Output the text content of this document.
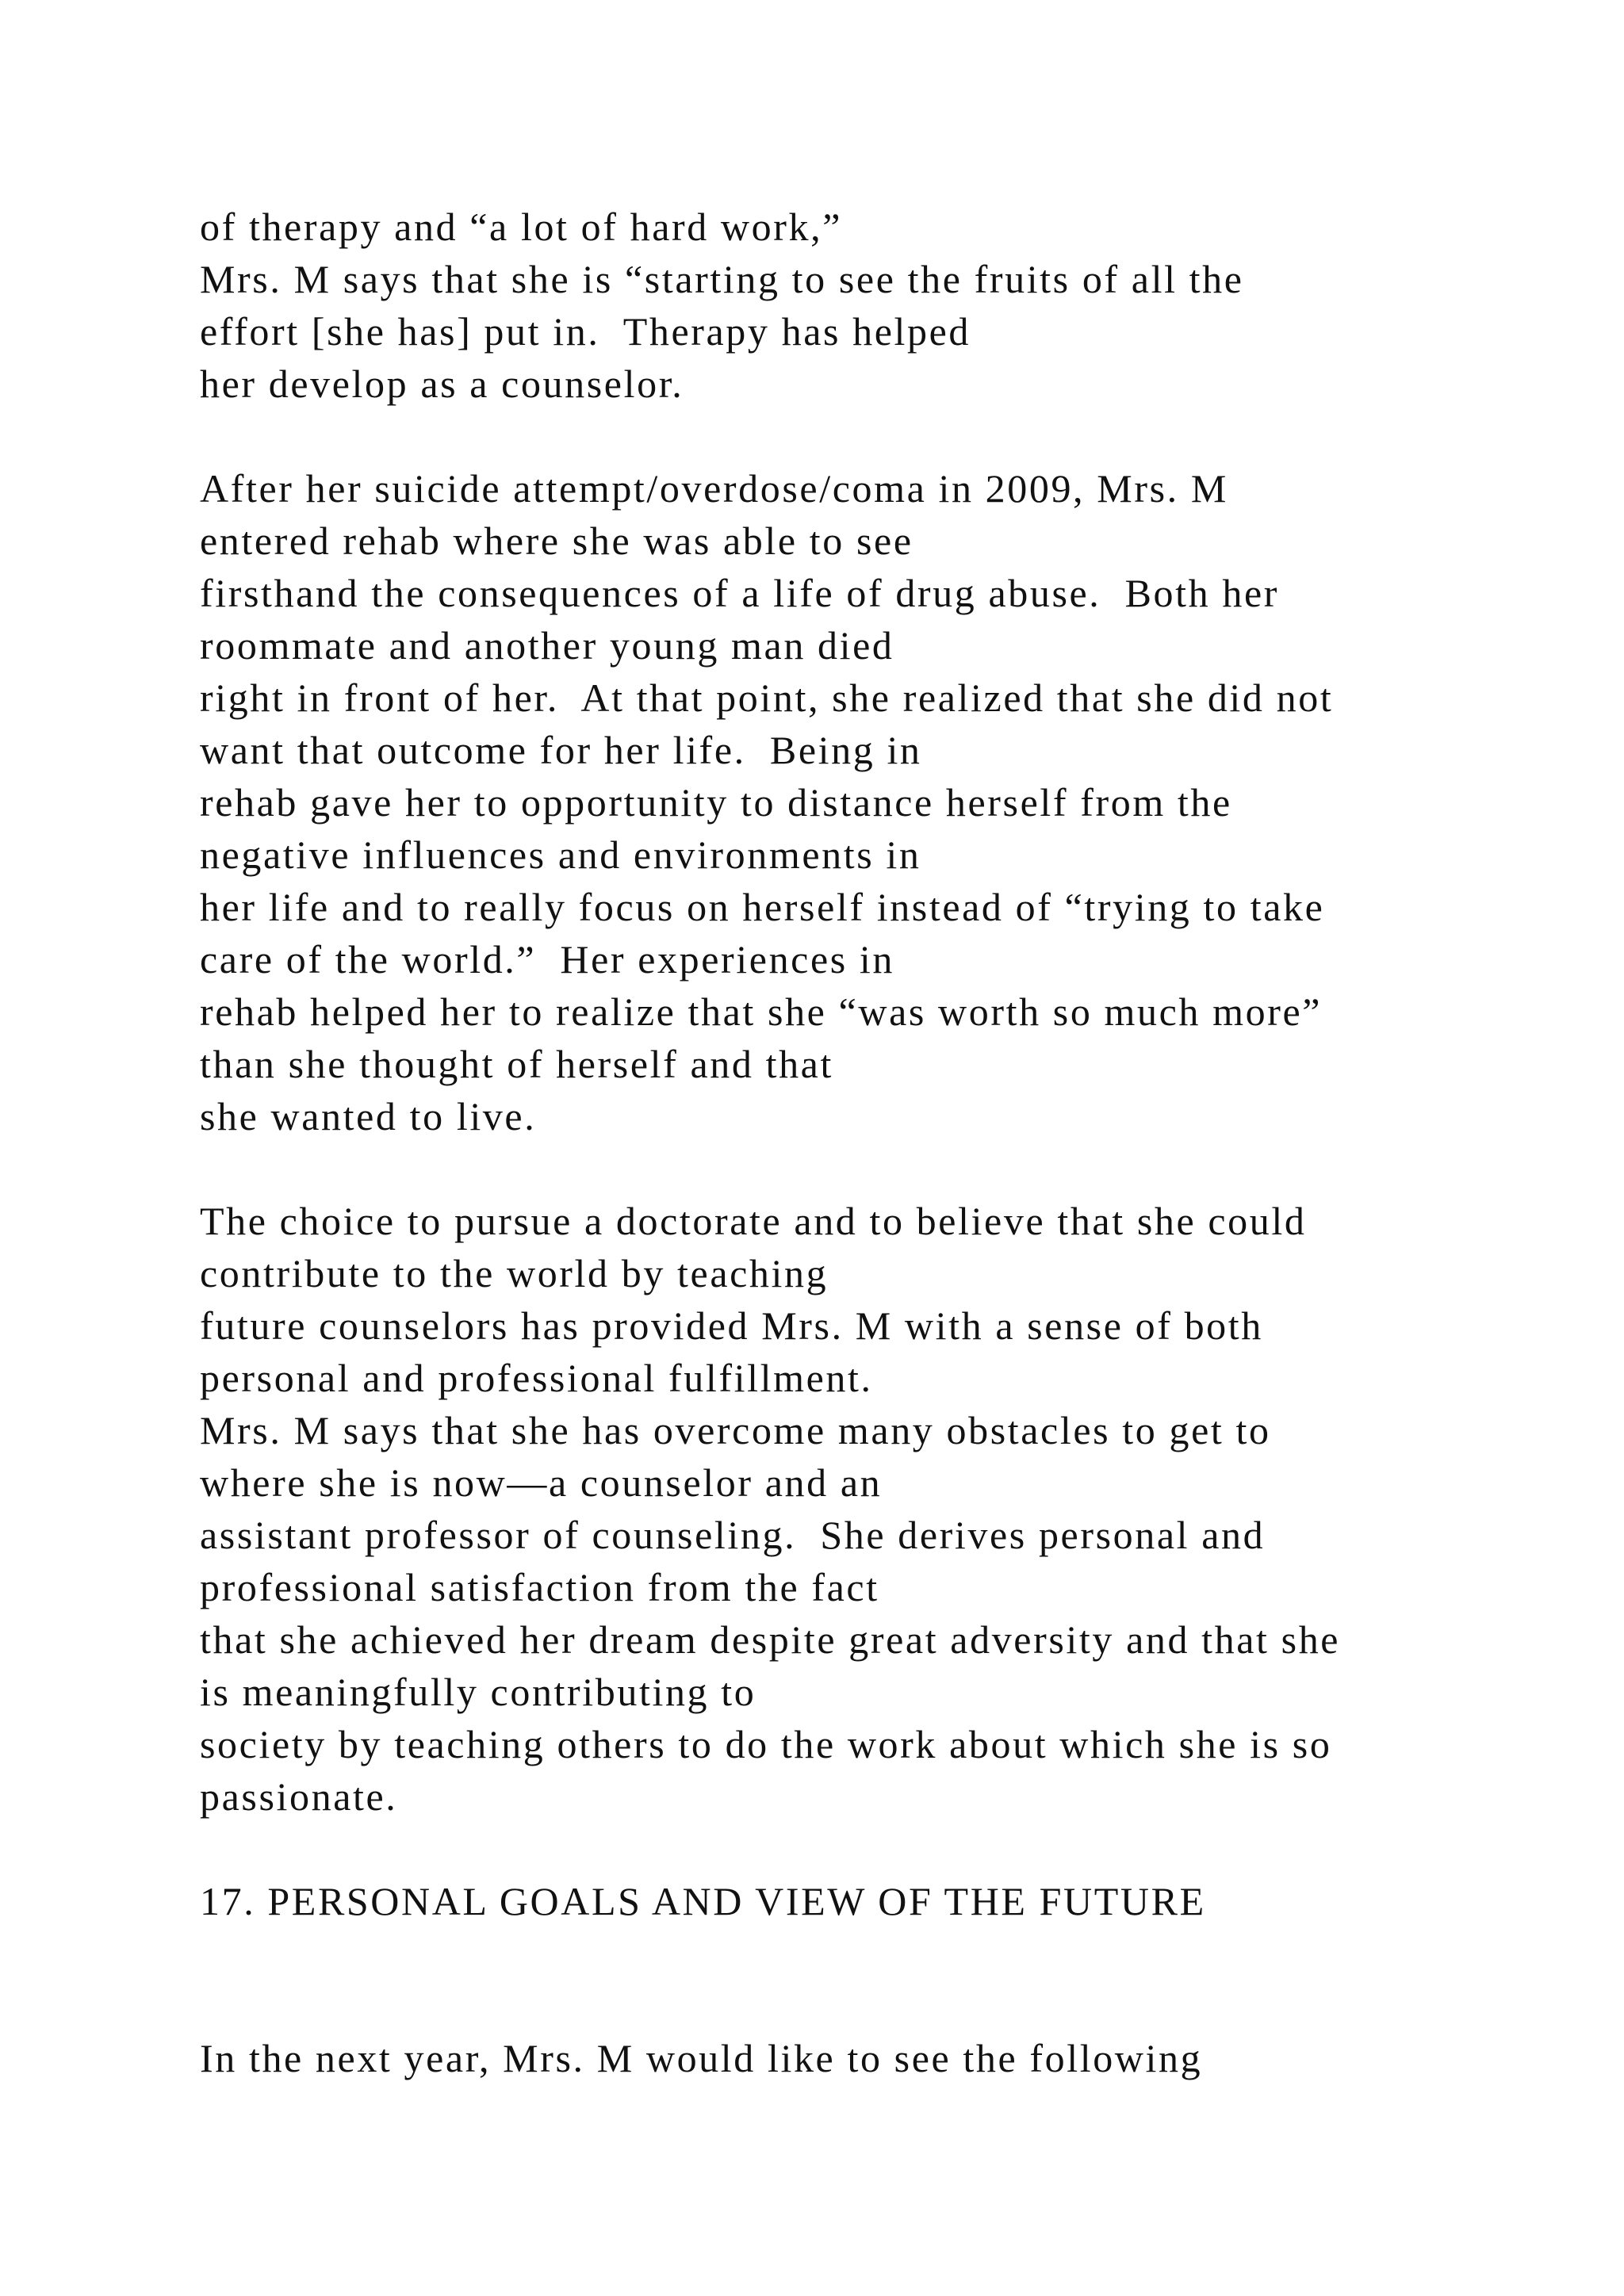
of therapy and “a lot of hard work,”
Mrs. M says that she is “starting to see the fruits of all the
effort [she has] put in.  Therapy has helped
her develop as a counselor.
After her suicide attempt/overdose/coma in 2009, Mrs. M
entered rehab where she was able to see
firsthand the consequences of a life of drug abuse.  Both her
roommate and another young man died
right in front of her.  At that point, she realized that she did not
want that outcome for her life.  Being in
rehab gave her to opportunity to distance herself from the
negative influences and environments in
her life and to really focus on herself instead of “trying to take
care of the world.”  Her experiences in
rehab helped her to realize that she “was worth so much more”
than she thought of herself and that
she wanted to live.
The choice to pursue a doctorate and to believe that she could
contribute to the world by teaching
future counselors has provided Mrs. M with a sense of both
personal and professional fulfillment.
Mrs. M says that she has overcome many obstacles to get to
where she is now—a counselor and an
assistant professor of counseling.  She derives personal and
professional satisfaction from the fact
that she achieved her dream despite great adversity and that she
is meaningfully contributing to
society by teaching others to do the work about which she is so
passionate.
17. PERSONAL GOALS AND VIEW OF THE FUTURE
In the next year, Mrs. M would like to see the following
